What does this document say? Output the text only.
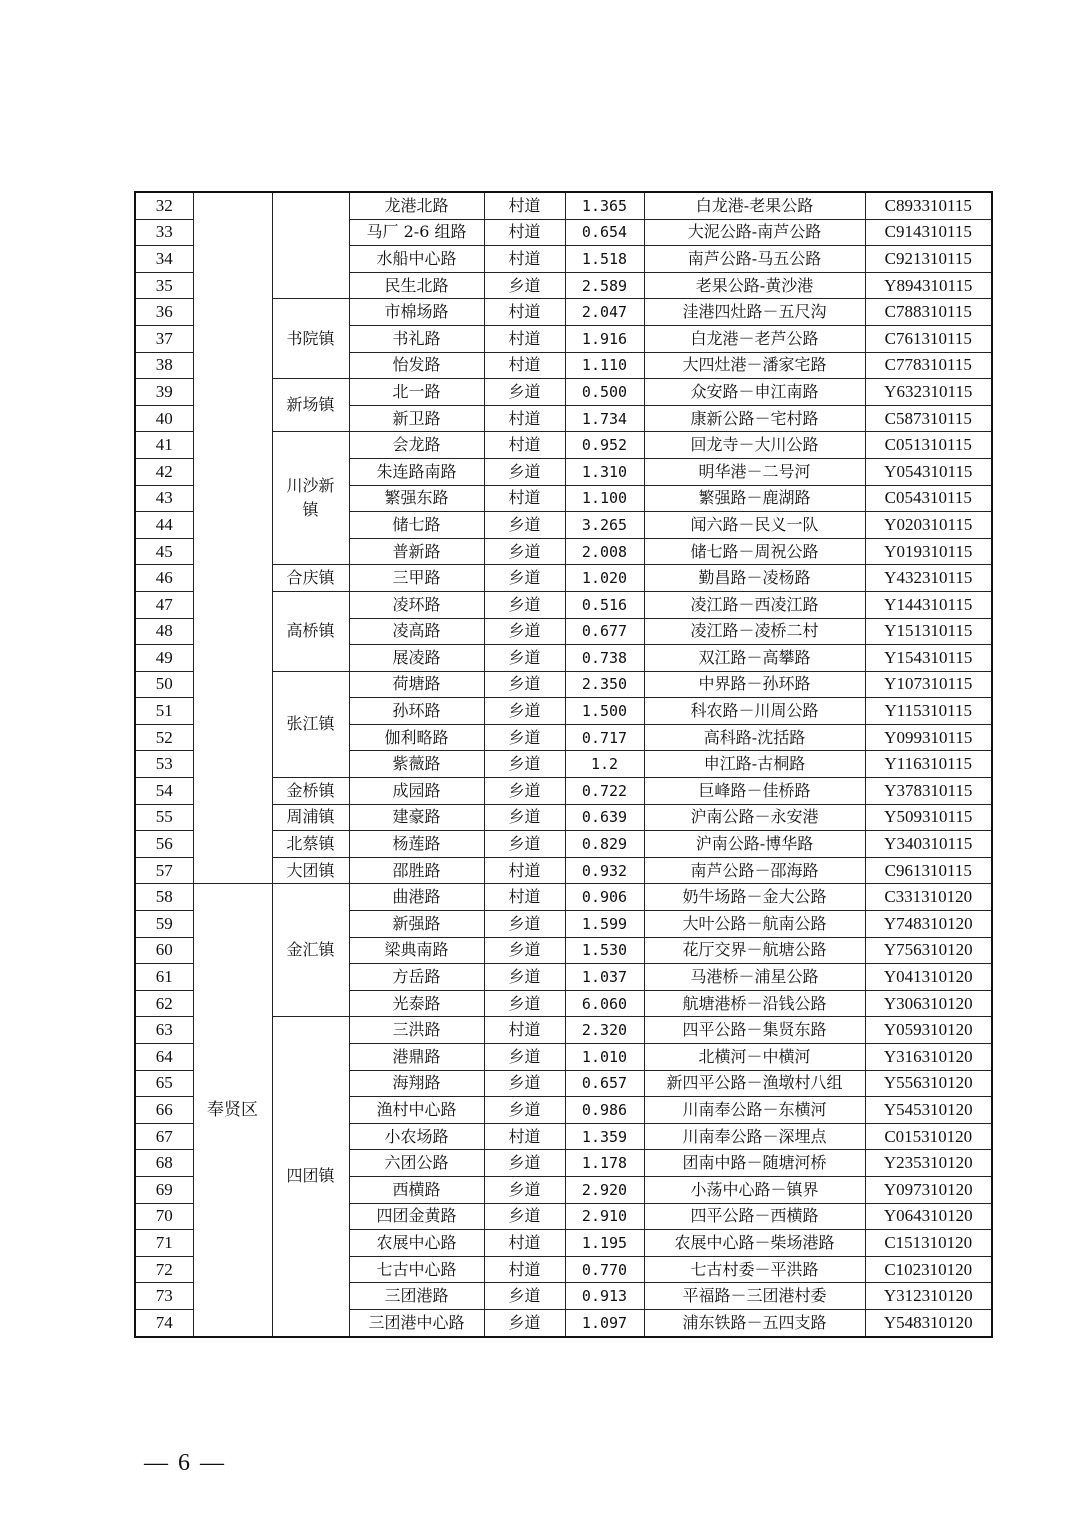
32			龙港北路	村道	1.365	白龙港-老果公路	C893310115
33			马厂 2-6 组路	村道	0.654	大泥公路-南芦公路	C914310115
34			水船中心路	村道	1.518	南芦公路-马五公路	C921310115
35			民生北路	乡道	2.589	老果公路-黄沙港	Y894310115
36		书院镇	市棉场路	村道	2.047	洼港四灶路－五尺沟	C788310115
37			书礼路	村道	1.916	白龙港－老芦公路	C761310115
38			怡发路	村道	1.110	大四灶港－潘家宅路	C778310115
39		新场镇	北一路	乡道	0.500	众安路－申江南路	Y632310115
40			新卫路	村道	1.734	康新公路－宅村路	C587310115
41		川沙新镇	会龙路	村道	0.952	回龙寺－大川公路	C051310115
42			朱连路南路	乡道	1.310	明华港－二号河	Y054310115
43			繁强东路	村道	1.100	繁强路－鹿湖路	C054310115
44			储七路	乡道	3.265	闻六路－民义一队	Y020310115
45			普新路	乡道	2.008	储七路－周祝公路	Y019310115
46		合庆镇	三甲路	乡道	1.020	勤昌路－凌杨路	Y432310115
47		高桥镇	凌环路	乡道	0.516	凌江路－西凌江路	Y144310115
48			凌高路	乡道	0.677	凌江路－凌桥二村	Y151310115
49			展凌路	乡道	0.738	双江路－高攀路	Y154310115
50		张江镇	荷塘路	乡道	2.350	中界路－孙环路	Y107310115
51			孙环路	乡道	1.500	科农路－川周公路	Y115310115
52			伽利略路	乡道	0.717	高科路-沈括路	Y099310115
53			紫薇路	乡道	1.2	申江路-古桐路	Y116310115
54		金桥镇	成园路	乡道	0.722	巨峰路－佳桥路	Y378310115
55		周浦镇	建豪路	乡道	0.639	沪南公路－永安港	Y509310115
56		北蔡镇	杨莲路	乡道	0.829	沪南公路-博华路	Y340310115
57		大团镇	邵胜路	村道	0.932	南芦公路－邵海路	C961310115
58	奉贤区	金汇镇	曲港路	村道	0.906	奶牛场路－金大公路	C331310120
59			新强路	乡道	1.599	大叶公路－航南公路	Y748310120
60			梁典南路	乡道	1.530	花厅交界－航塘公路	Y756310120
61			方岳路	乡道	1.037	马港桥－浦星公路	Y041310120
62			光泰路	乡道	6.060	航塘港桥－沿钱公路	Y306310120
63		四团镇	三洪路	村道	2.320	四平公路－集贤东路	Y059310120
64			港鼎路	乡道	1.010	北横河－中横河	Y316310120
65			海翔路	乡道	0.657	新四平公路－渔墩村八组	Y556310120
66			渔村中心路	乡道	0.986	川南奉公路－东横河	Y545310120
67			小农场路	村道	1.359	川南奉公路－深埋点	C015310120
68			六团公路	乡道	1.178	团南中路－随塘河桥	Y235310120
69			西横路	乡道	2.920	小荡中心路－镇界	Y097310120
70			四团金黄路	乡道	2.910	四平公路－西横路	Y064310120
71			农展中心路	村道	1.195	农展中心路－柴场港路	C151310120
72			七古中心路	村道	0.770	七古村委－平洪路	C102310120
73			三团港路	乡道	0.913	平福路－三团港村委	Y312310120
74			三团港中心路	乡道	1.097	浦东铁路－五四支路	Y548310120
— 6 —
